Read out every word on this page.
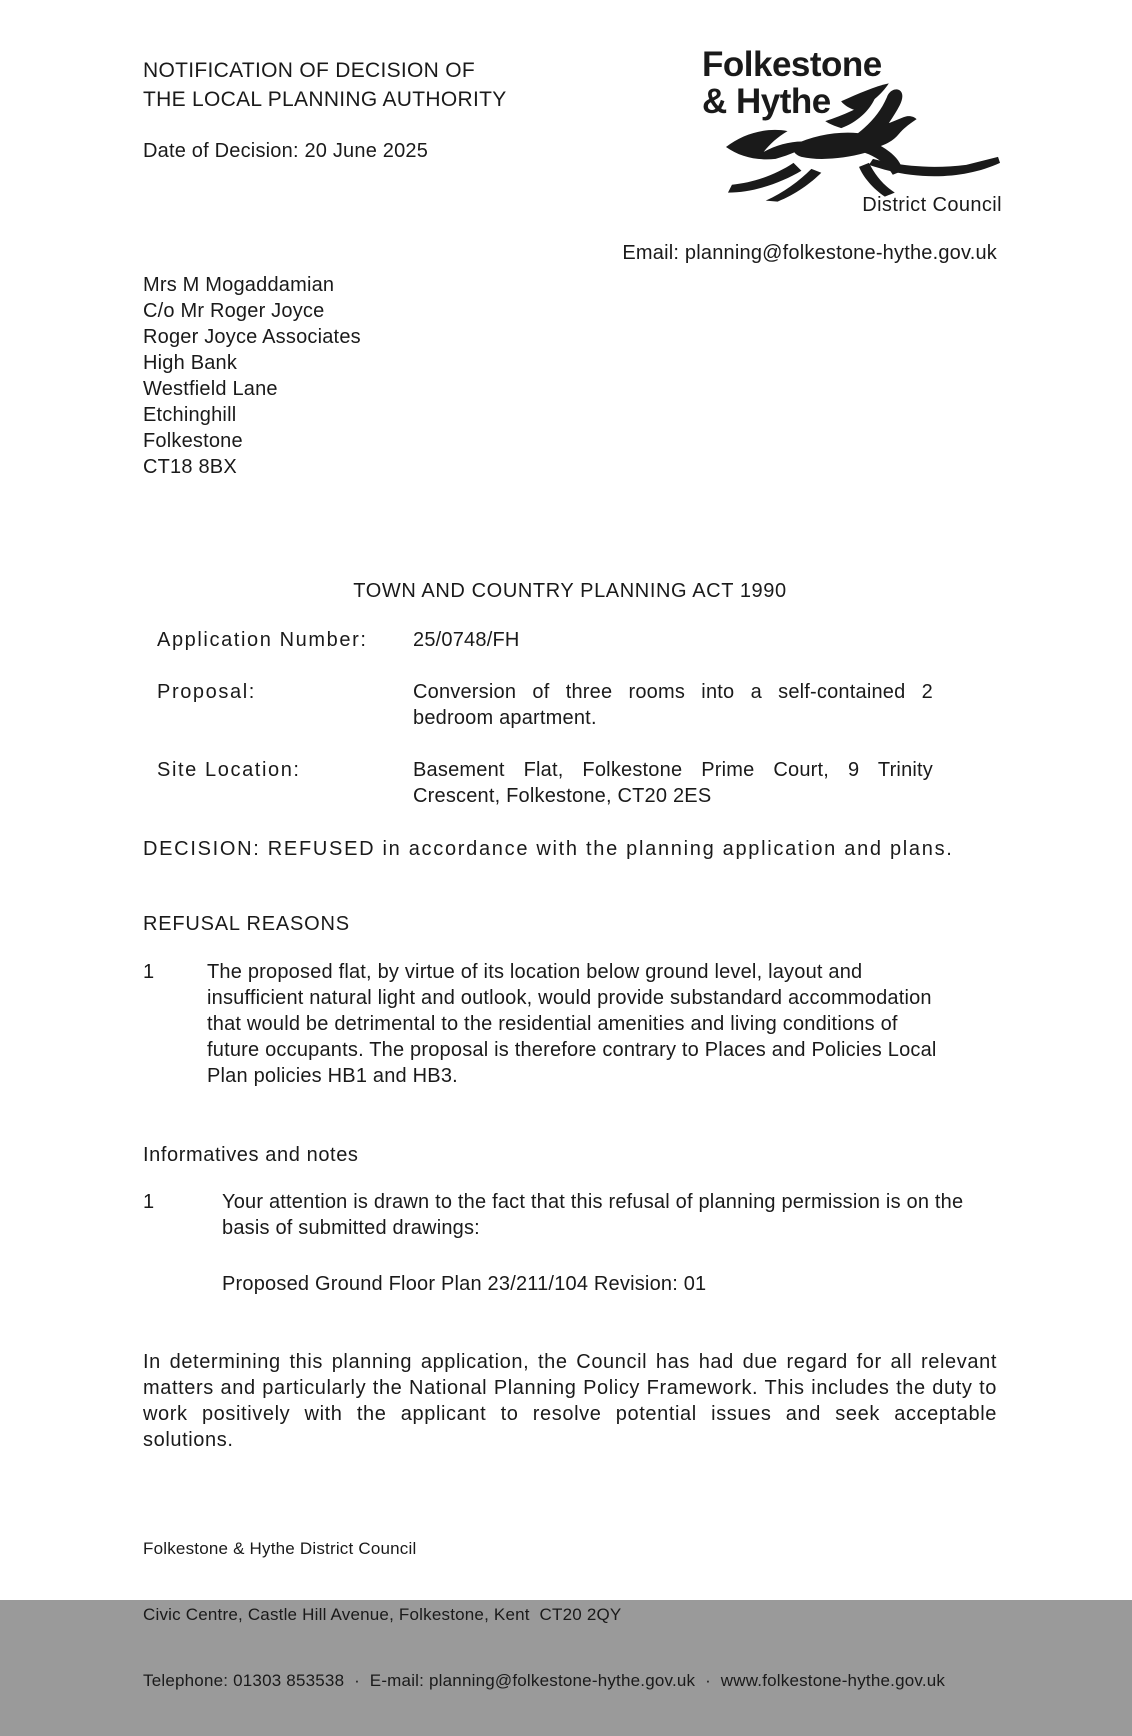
Folkestone
& Hythe
District Council
NOTIFICATION OF DECISION OF
THE LOCAL PLANNING AUTHORITY
Date of Decision: 20 June 2025
Email: planning@folkestone-hythe.gov.uk
Mrs M Mogaddamian
C/o Mr Roger Joyce
Roger Joyce Associates
High Bank
Westfield Lane
Etchinghill
Folkestone
CT18 8BX
TOWN AND COUNTRY PLANNING ACT 1990
Application Number:	25/0748/FH
Proposal:	Conversion of three rooms into a self-contained 2 bedroom apartment.
Site Location:	Basement Flat, Folkestone Prime Court, 9 Trinity Crescent, Folkestone, CT20 2ES
DECISION: REFUSED in accordance with the planning application and plans.
REFUSAL REASONS
1	The proposed flat, by virtue of its location below ground level, layout and insufficient natural light and outlook, would provide substandard accommodation that would be detrimental to the residential amenities and living conditions of future occupants. The proposal is therefore contrary to Places and Policies Local Plan policies HB1 and HB3.
Informatives and notes
1	Your attention is drawn to the fact that this refusal of planning permission is on the basis of submitted drawings:
Proposed Ground Floor Plan 23/211/104 Revision: 01
In determining this planning application, the Council has had due regard for all relevant matters and particularly the National Planning Policy Framework. This includes the duty to work positively with the applicant to resolve potential issues and seek acceptable solutions.

Folkestone & Hythe District Council

Civic Centre, Castle Hill Avenue, Folkestone, Kent  CT20 2QY

Telephone: 01303 853538  ·  E-mail: planning@folkestone-hythe.gov.uk  ·  www.folkestone-hythe.gov.uk
